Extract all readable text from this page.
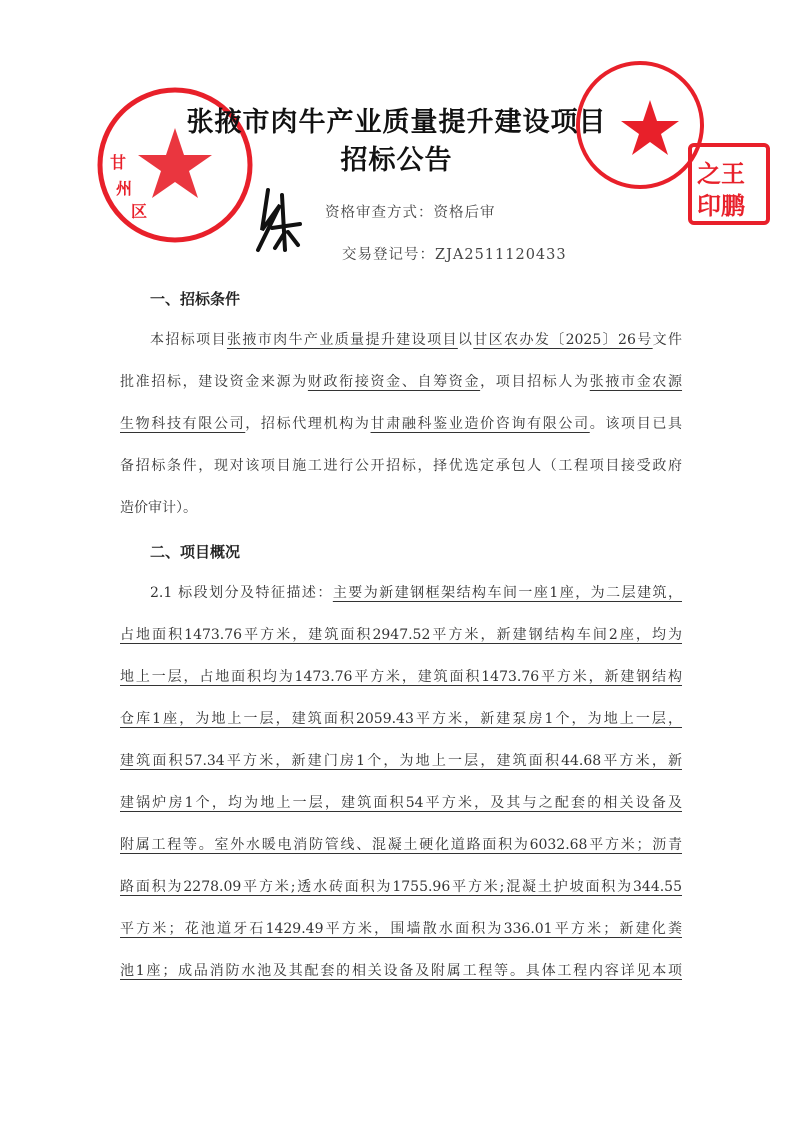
甘
州
区
之王
印鹏
张掖市肉牛产业质量提升建设项目
招标公告
资格审查方式：资格后审
交易登记号：ZJA2511120433
一、招标条件
本招标项目张掖市肉牛产业质量提升建设项目以甘区农办发〔2025〕26号文件
批准招标，建设资金来源为财政衔接资金、自筹资金，项目招标人为张掖市金农源
生物科技有限公司，招标代理机构为甘肃融科鉴业造价咨询有限公司。该项目已具
备招标条件，现对该项目施工进行公开招标，择优选定承包人（工程项目接受政府
造价审计）。
二、项目概况
2.1 标段划分及特征描述：主要为新建钢框架结构车间一座1座，为二层建筑，
占地面积1473.76平方米，建筑面积2947.52平方米，新建钢结构车间2座，均为
地上一层，占地面积均为1473.76平方米，建筑面积1473.76平方米，新建钢结构
仓库1座，为地上一层，建筑面积2059.43平方米，新建泵房1个，为地上一层，
建筑面积57.34平方米，新建门房1个，为地上一层，建筑面积44.68平方米，新
建锅炉房1个，均为地上一层，建筑面积54平方米，及其与之配套的相关设备及
附属工程等。室外水暖电消防管线、混凝土硬化道路面积为6032.68平方米；沥青
路面积为2278.09平方米;透水砖面积为1755.96平方米;混凝土护坡面积为344.55
平方米；花池道牙石1429.49平方米，围墙散水面积为336.01平方米；新建化粪
池1座；成品消防水池及其配套的相关设备及附属工程等。具体工程内容详见本项
